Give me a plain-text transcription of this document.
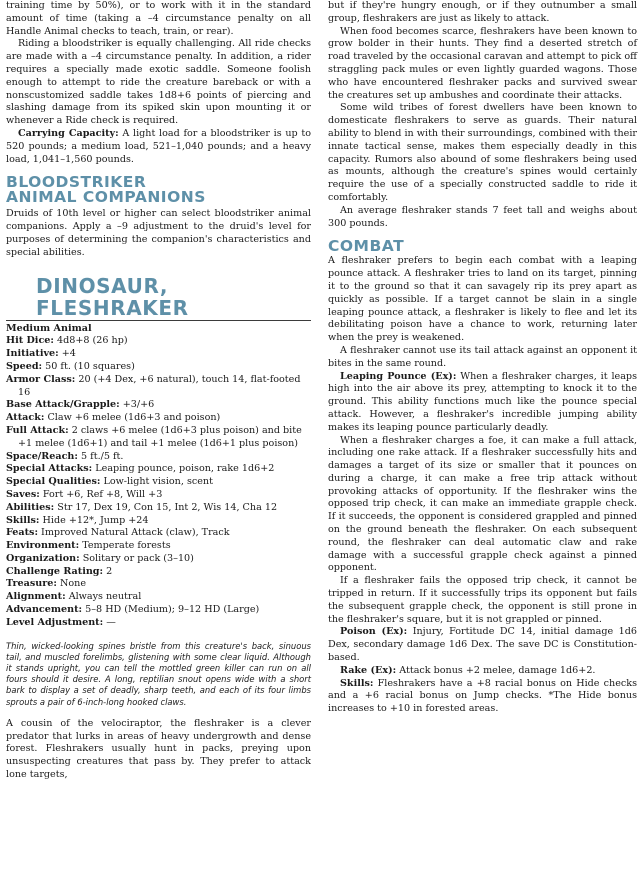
training time by 50%), or to work with it in the standard amount of time (taking a –4 circumstance penalty on all Handle Animal checks to teach, train, or rear).

Riding a bloodstriker is equally challenging. All ride checks are made with a –4 circumstance penalty. In addition, a rider requires a specially made exotic saddle. Someone foolish enough to attempt to ride the creature bareback or with a nonscustomized saddle takes 1d8+6 points of piercing and slashing damage from its spiked skin upon mounting it or whenever a Ride check is required.

Carrying Capacity: A light load for a bloodstriker is up to 520 pounds; a medium load, 521–1,040 pounds; and a heavy load, 1,041–1,560 pounds.

BLOODSTRIKER
ANIMAL COMPANIONS

Druids of 10th level or higher can select bloodstriker animal companions. Apply a –9 adjustment to the druid's level for purposes of determining the companion's characteristics and special abilities.

DINOSAUR, FLESHRAKER

Medium Animal

Hit Dice: 4d8+8 (26 hp)

Initiative: +4

Speed: 50 ft. (10 squares)

Armor Class: 20 (+4 Dex, +6 natural), touch 14, flat-footed 16

Base Attack/Grapple: +3/+6

Attack: Claw +6 melee (1d6+3 and poison)

Full Attack: 2 claws +6 melee (1d6+3 plus poison) and bite +1 melee (1d6+1) and tail +1 melee (1d6+1 plus poison)

Space/Reach: 5 ft./5 ft.

Special Attacks: Leaping pounce, poison, rake 1d6+2

Special Qualities: Low-light vision, scent

Saves: Fort +6, Ref +8, Will +3

Abilities: Str 17, Dex 19, Con 15, Int 2, Wis 14, Cha 12

Skills: Hide +12*, Jump +24

Feats: Improved Natural Attack (claw), Track

Environment: Temperate forests

Organization: Solitary or pack (3–10)

Challenge Rating: 2

Treasure: None

Alignment: Always neutral

Advancement: 5–8 HD (Medium); 9–12 HD (Large)

Level Adjustment: —

Thin, wicked-looking spines bristle from this creature's back, sinuous tail, and muscled forelimbs, glistening with some clear liquid. Although it stands upright, you can tell the mottled green killer can run on all fours should it desire. A long, reptilian snout opens wide with a short bark to display a set of deadly, sharp teeth, and each of its four limbs sprouts a pair of 6-inch-long hooked claws.

A cousin of the velociraptor, the fleshraker is a clever predator that lurks in areas of heavy undergrowth and dense forest. Fleshrakers usually hunt in packs, preying upon unsuspecting creatures that pass by. They prefer to attack lone targets,

but if they're hungry enough, or if they outnumber a small group, fleshrakers are just as likely to attack.

When food becomes scarce, fleshrakers have been known to grow bolder in their hunts. They find a deserted stretch of road traveled by the occasional caravan and attempt to pick off straggling pack mules or even lightly guarded wagons. Those who have encountered fleshraker packs and survived swear the creatures set up ambushes and coordinate their attacks.

Some wild tribes of forest dwellers have been known to domesticate fleshrakers to serve as guards. Their natural ability to blend in with their surroundings, combined with their innate tactical sense, makes them especially deadly in this capacity. Rumors also abound of some fleshrakers being used as mounts, although the creature's spines would certainly require the use of a specially constructed saddle to ride it comfortably.

An average fleshraker stands 7 feet tall and weighs about 300 pounds.

COMBAT

A fleshraker prefers to begin each combat with a leaping pounce attack. A fleshraker tries to land on its target, pinning it to the ground so that it can savagely rip its prey apart as quickly as possible. If a target cannot be slain in a single leaping pounce attack, a fleshraker is likely to flee and let its debilitating poison have a chance to work, returning later when the prey is weakened.

A fleshraker cannot use its tail attack against an opponent it bites in the same round.

Leaping Pounce (Ex): When a fleshraker charges, it leaps high into the air above its prey, attempting to knock it to the ground. This ability functions much like the pounce special attack. However, a fleshraker's incredible jumping ability makes its leaping pounce particularly deadly.

When a fleshraker charges a foe, it can make a full attack, including one rake attack. If a fleshraker successfully hits and damages a target of its size or smaller that it pounces on during a charge, it can make a free trip attack without provoking attacks of opportunity. If the fleshraker wins the opposed trip check, it can make an immediate grapple check. If it succeeds, the opponent is considered grappled and pinned on the ground beneath the fleshraker. On each subsequent round, the fleshraker can deal automatic claw and rake damage with a successful grapple check against a pinned opponent.

If a fleshraker fails the opposed trip check, it cannot be tripped in return. If it successfully trips its opponent but fails the subsequent grapple check, the opponent is still prone in the fleshraker's square, but it is not grappled or pinned.

Poison (Ex): Injury, Fortitude DC 14, initial damage 1d6 Dex, secondary damage 1d6 Dex. The save DC is Constitution-based.

Rake (Ex): Attack bonus +2 melee, damage 1d6+2.

Skills: Fleshrakers have a +8 racial bonus on Hide checks and a +6 racial bonus on Jump checks. *The Hide bonus increases to +10 in forested areas.
